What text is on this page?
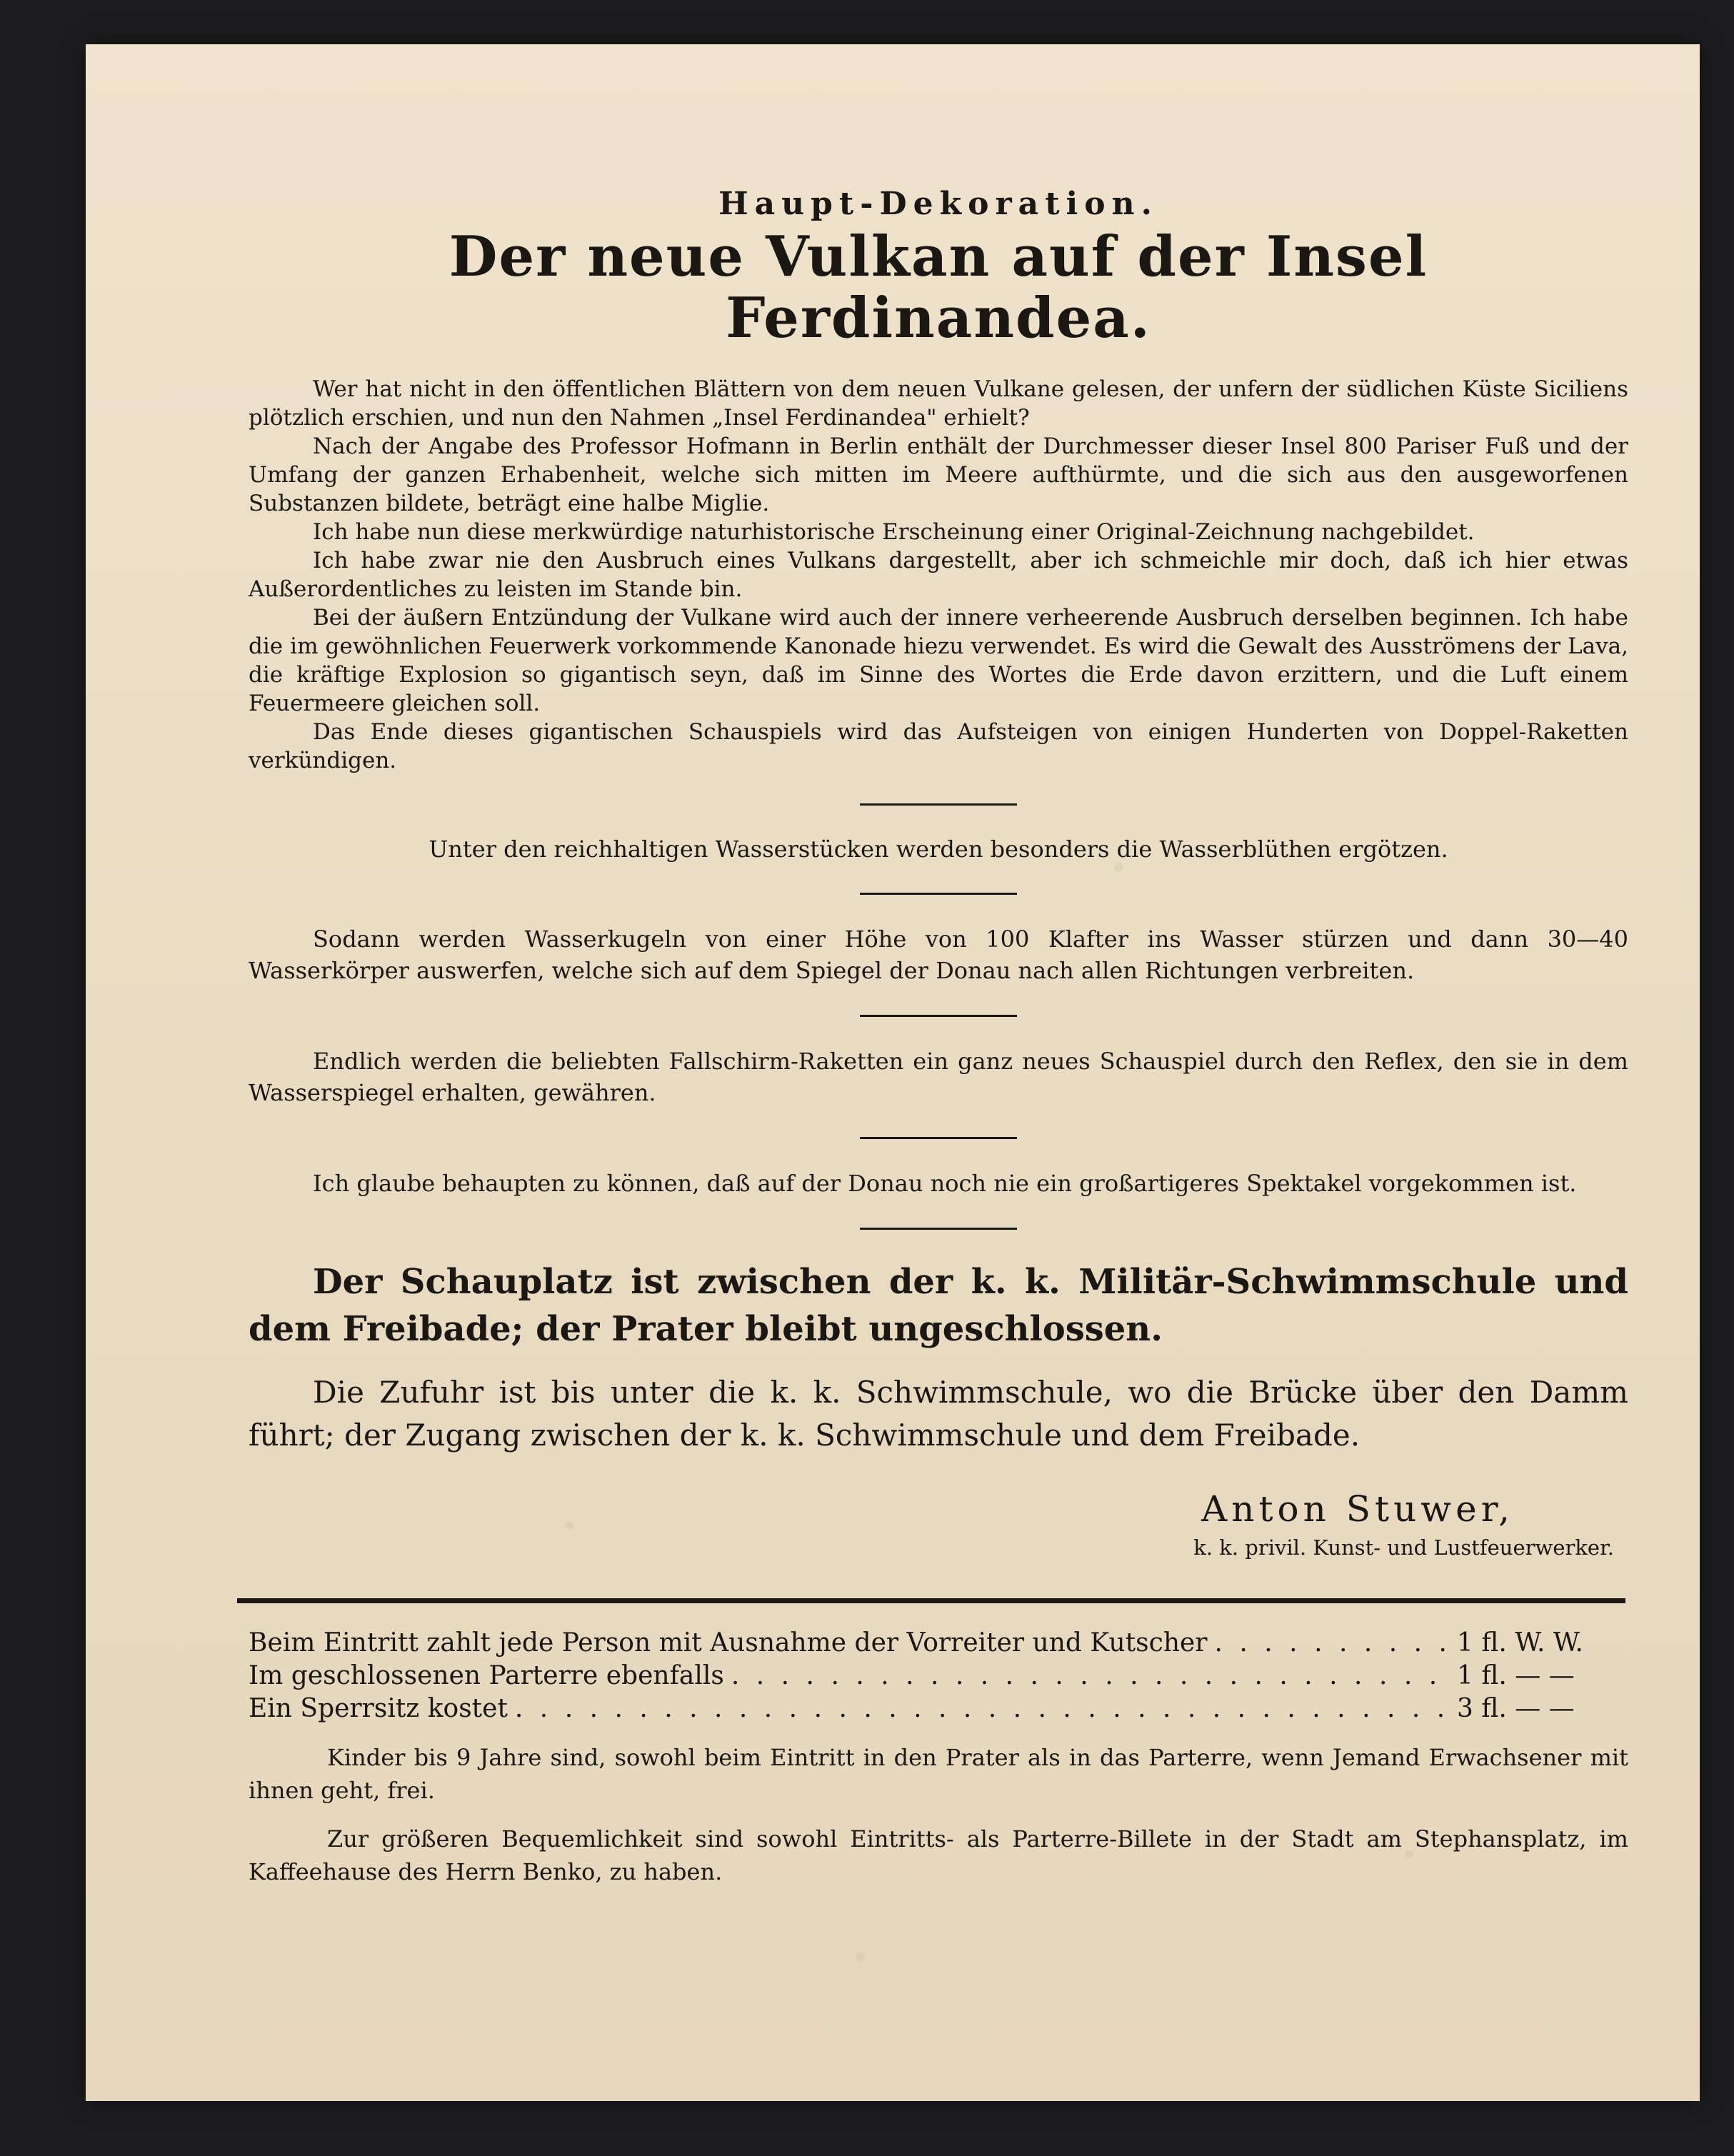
Haupt-Dekoration.
Der neue Vulkan auf der Insel Ferdinandea.

Wer hat nicht in den öffentlichen Blättern von dem neuen Vulkane gelesen, der unfern der südlichen Küste Siciliens plötzlich erschien, und nun den Nahmen „Insel Ferdinandea" erhielt?

Nach der Angabe des Professor Hofmann in Berlin enthält der Durchmesser dieser Insel 800 Pariser Fuß und der Umfang der ganzen Erhabenheit, welche sich mitten im Meere aufthürmte, und die sich aus den ausgeworfenen Substanzen bildete, beträgt eine halbe Miglie.

Ich habe nun diese merkwürdige naturhistorische Erscheinung einer Original-Zeichnung nachgebildet.

Ich habe zwar nie den Ausbruch eines Vulkans dargestellt, aber ich schmeichle mir doch, daß ich hier etwas Außerordentliches zu leisten im Stande bin.

Bei der äußern Entzündung der Vulkane wird auch der innere verheerende Ausbruch derselben beginnen. Ich habe die im gewöhnlichen Feuerwerk vorkommende Kanonade hiezu verwendet. Es wird die Gewalt des Ausströmens der Lava, die kräftige Explosion so gigantisch seyn, daß im Sinne des Wortes die Erde davon erzittern, und die Luft einem Feuermeere gleichen soll.

Das Ende dieses gigantischen Schauspiels wird das Aufsteigen von einigen Hunderten von Doppel-Raketten verkündigen.

Unter den reichhaltigen Wasserstücken werden besonders die Wasserblüthen ergötzen.

Sodann werden Wasserkugeln von einer Höhe von 100 Klafter ins Wasser stürzen und dann 30—40 Wasserkörper auswerfen, welche sich auf dem Spiegel der Donau nach allen Richtungen verbreiten.

Endlich werden die beliebten Fallschirm-Raketten ein ganz neues Schauspiel durch den Reflex, den sie in dem Wasserspiegel erhalten, gewähren.

Ich glaube behaupten zu können, daß auf der Donau noch nie ein großartigeres Spektakel vorgekommen ist.

Der Schauplatz ist zwischen der k. k. Militär-Schwimmschule und dem Freibade; der Prater bleibt ungeschlossen.

Die Zufuhr ist bis unter die k. k. Schwimmschule, wo die Brücke über den Damm führt; der Zugang zwischen der k. k. Schwimmschule und dem Freibade.

Anton Stuwer,
k. k. privil. Kunst- und Lustfeuerwerker.
Beim Eintritt zahlt jede Person mit Ausnahme der Vorreiter und Kutscher . . .	1 fl. W. W.
Im geschlossenen Parterre ebenfalls . . .	1 fl. — —
Ein Sperrsitz kostet . . .	3 fl. — —

Kinder bis 9 Jahre sind, sowohl beim Eintritt in den Prater als in das Parterre, wenn Jemand Erwachsener mit ihnen geht, frei.

Zur größeren Bequemlichkeit sind sowohl Eintritts- als Parterre-Billete in der Stadt am Stephansplatz, im Kaffeehause des Herrn Benko, zu haben.
